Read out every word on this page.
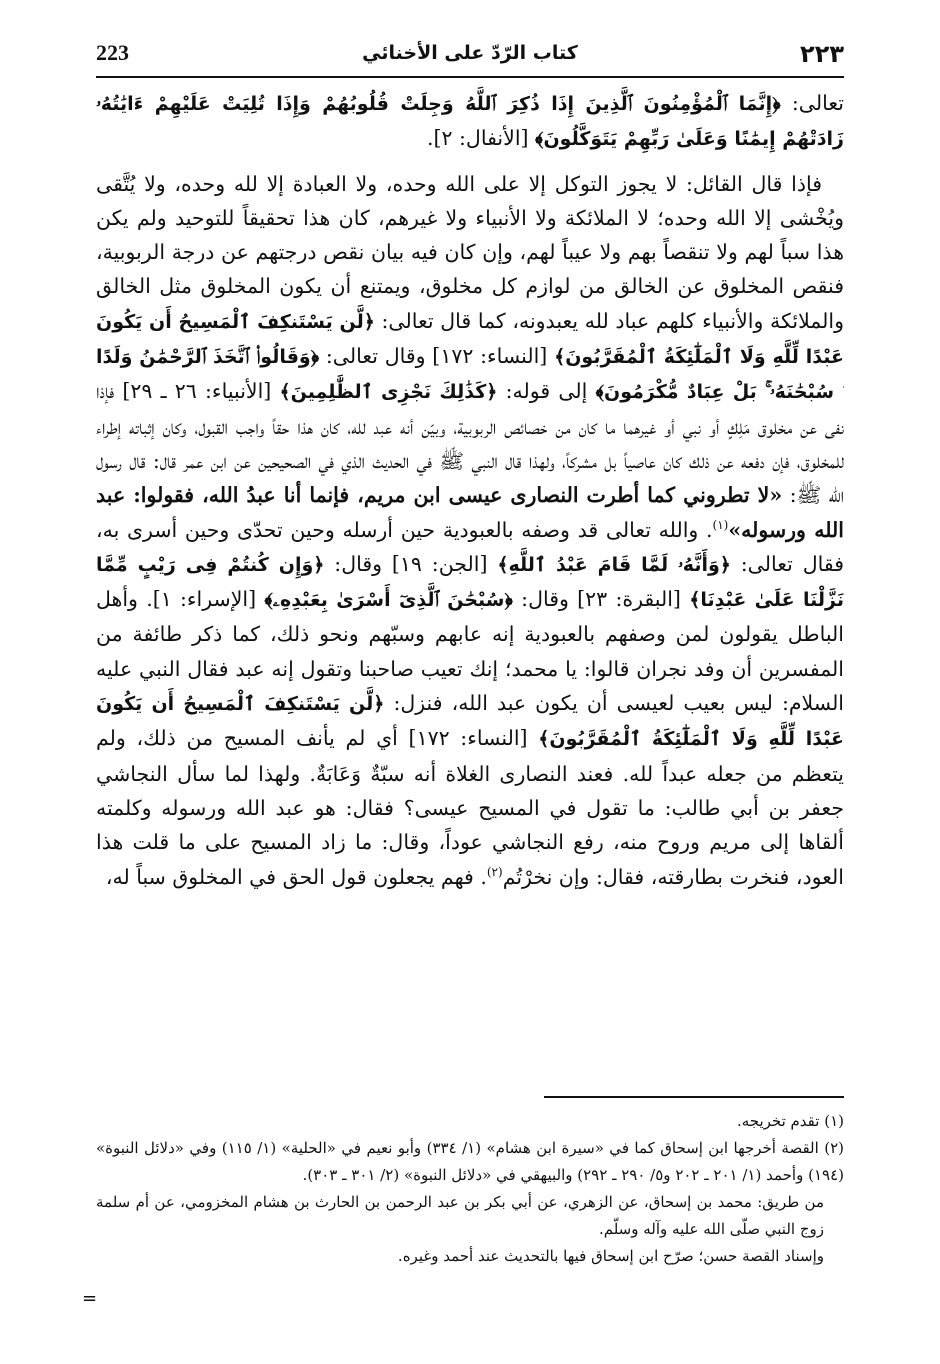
٢٢٣
كتاب الرّدّ على الأخنائي
223

تعالى: ﴿إِنَّمَا ٱلْمُؤْمِنُونَ ٱلَّذِينَ إِذَا ذُكِرَ ٱللَّهُ وَجِلَتْ قُلُوبُهُمْ وَإِذَا تُلِيَتْ عَلَيْهِمْ ءَايَٰتُهُۥ زَادَتْهُمْ إِيمَٰنًا وَعَلَىٰ رَبِّهِمْ يَتَوَكَّلُونَ﴾ [الأنفال: ٢].

فإذا قال القائل: لا يجوز التوكل إلا على الله وحده، ولا العبادة إلا لله وحده، ولا يُتَّقى ويُخْشى إلا الله وحده؛ لا الملائكة ولا الأنبياء ولا غيرهم، كان هذا تحقيقاً للتوحيد ولم يكن هذا سباً لهم ولا تنقصاً بهم ولا عيباً لهم، وإن كان فيه بيان نقص درجتهم عن درجة الربوبية، فنقص المخلوق عن الخالق من لوازم كل مخلوق، ويمتنع أن يكون المخلوق مثل الخالق والملائكة والأنبياء كلهم عباد لله يعبدونه، كما قال تعالى: ﴿لَّن يَسْتَنكِفَ ٱلْمَسِيحُ أَن يَكُونَ عَبْدًا لِّلَّهِ وَلَا ٱلْمَلَٰٓئِكَةُ ٱلْمُقَرَّبُونَ﴾ [النساء: ١٧٢] وقال تعالى: ﴿وَقَالُوا۟ ٱتَّخَذَ ٱلرَّحْمَٰنُ وَلَدًا ۗ سُبْحَٰنَهُۥ ۚ بَلْ عِبَادٌ مُّكْرَمُونَ﴾ إلى قوله: ﴿كَذَٰلِكَ نَجْزِى ٱلظَّٰلِمِينَ﴾ [الأنبياء: ٢٦ ـ ٢٩] فإذا نفى عن مخلوق مَلِكٍ أو نبي أو غيرهما ما كان من خصائص الربوبية، وبيّن أنه عبد لله، كان هذا حقاً واجب القبول، وكان إثباته إطراء للمخلوق، فإن دفعه عن ذلك كان عاصياً بل مشركاً، ولهذا قال النبي ﷺ في الحديث الذي في الصحيحين عن ابن عمر قال: قال رسول الله ﷺ: «لا تطروني كما أطرت النصارى عيسى ابن مريم، فإنما أنا عبدُ الله، فقولوا: عبد الله ورسوله»$^{(١)}$. والله تعالى قد وصفه بالعبودية حين أرسله وحين تحدّى وحين أسرى به، فقال تعالى: ﴿وَأَنَّهُۥ لَمَّا قَامَ عَبْدُ ٱللَّهِ﴾ [الجن: ١٩] وقال: ﴿وَإِن كُنتُمْ فِى رَيْبٍ مِّمَّا نَزَّلْنَا عَلَىٰ عَبْدِنَا﴾ [البقرة: ٢٣] وقال: ﴿سُبْحَٰنَ ٱلَّذِىٓ أَسْرَىٰ بِعَبْدِهِۦ﴾ [الإسراء: ١]. وأهل الباطل يقولون لمن وصفهم بالعبودية إنه عابهم وسبّهم ونحو ذلك، كما ذكر طائفة من المفسرين أن وفد نجران قالوا: يا محمد؛ إنك تعيب صاحبنا وتقول إنه عبد فقال النبي عليه السلام: ليس بعيب لعيسى أن يكون عبد الله، فنزل: ﴿لَّن يَسْتَنكِفَ ٱلْمَسِيحُ أَن يَكُونَ عَبْدًا لِّلَّهِ وَلَا ٱلْمَلَٰٓئِكَةُ ٱلْمُقَرَّبُونَ﴾ [النساء: ١٧٢] أي لم يأنف المسيح من ذلك، ولم يتعظم من جعله عبداً لله. فعند النصارى الغلاة أنه سبّةٌ وَعَابَةٌ. ولهذا لما سأل النجاشي جعفر بن أبي طالب: ما تقول في المسيح عيسى؟ فقال: هو عبد الله ورسوله وكلمته ألقاها إلى مريم وروح منه، رفع النجاشي عوداً، وقال: ما زاد المسيح على ما قلت هذا العود، فنخرت بطارقته، فقال: وإن نخرْتُم$^{(٢)}$. فهم يجعلون قول الحق في المخلوق سباً له،

(١) تقدم تخريجه.

(٢) القصة أخرجها ابن إسحاق كما في «سيرة ابن هشام» (١/ ٣٣٤) وأبو نعيم في «الحلية» (١/ ١١٥) وفي «دلائل النبوة» (١٩٤) وأحمد (١/ ٢٠١ ـ ٢٠٢ و٥/ ٢٩٠ ـ ٢٩٢) والبيهقي في «دلائل النبوة» (٢/ ٣٠١ ـ ٣٠٣).

من طريق: محمد بن إسحاق، عن الزهري، عن أبي بكر بن عبد الرحمن بن الحارث بن هشام المخزومي، عن أم سلمة زوج النبي صلّى الله عليه وآله وسلّم.

وإسناد القصة حسن؛ صرّح ابن إسحاق فيها بالتحديث عند أحمد وغيره.

=
